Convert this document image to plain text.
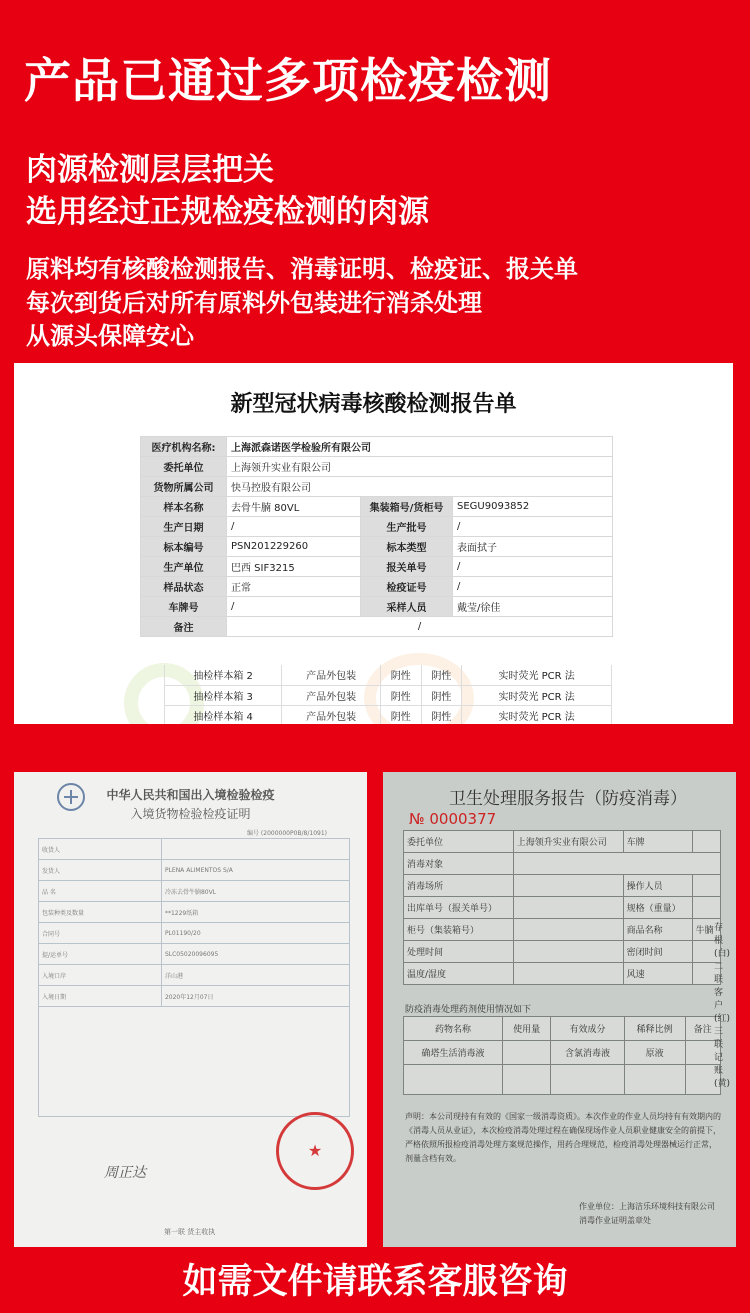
产品已通过多项检疫检测
肉源检测层层把关
选用经过正规检疫检测的肉源
原料均有核酸检测报告、消毒证明、检疫证、报关单
每次到货后对所有原料外包装进行消杀处理
从源头保障安心
新型冠状病毒核酸检测报告单
医疗机构名称:	上海派森诺医学检验所有限公司		
委托单位	上海领升实业有限公司		
货物所属公司	快马控股有限公司		
样本名称	去骨牛腩 80VL	集装箱号/货柜号	SEGU9093852
生产日期	/	生产批号	/
标本编号	PSN201229260	标本类型	表面拭子
生产单位	巴西 SIF3215	报关单号	/
样品状态	正常	检疫证号	/
车牌号	/	采样人员	戴莹/徐佳
备注	/		
抽检样本箱 2	产品外包装	阴性	阴性	实时荧光 PCR 法
抽检样本箱 3	产品外包装	阴性	阴性	实时荧光 PCR 法
抽检样本箱 4	产品外包装	阴性	阴性	实时荧光 PCR 法
中华人民共和国出入境检验检疫
入境货物检验检疫证明
编号 (2000000P0B/8/1091)
收货人	
发货人	PLENA ALIMENTOS S/A
品 名	冷冻去骨牛腩80VL
包装种类及数量	**1229纸箱
合同号	PL01190/20
提/运单号	SLC05020096095
入境口岸	洋山港
入境日期	2020年12月07日

周正达
★
第一联 货主收执
卫生处理服务报告（防疫消毒）
№ 0000377
委托单位	上海领升实业有限公司	车牌	
消毒对象			
消毒场所		操作人员	
出库单号（报关单号）		规格（重量）	
柜号（集装箱号）		商品名称	牛腩
处理时间		密闭时间	
温度/湿度		风速	
防疫消毒处理药剂使用情况如下
药物名称	使用量	有效成分	稀释比例	备注
确塔生活消毒液		含氯消毒液	原液	

声明：本公司现持有有效的《国家一级消毒资质》。本次作业的作业人员均持有有效期内的《消毒人员从业证》，本次检疫消毒处理过程在确保现场作业人员职业健康安全的前提下，严格依照所报检疫消毒处理方案规范操作，用药合理规范，检疫消毒处理器械运行正常，剂量含档有效。
作业单位：上海洁乐环境科技有限公司
消毒作业证明盖章处
存根(白)二联客户(红)三联记账(黄)
如需文件请联系客服咨询
